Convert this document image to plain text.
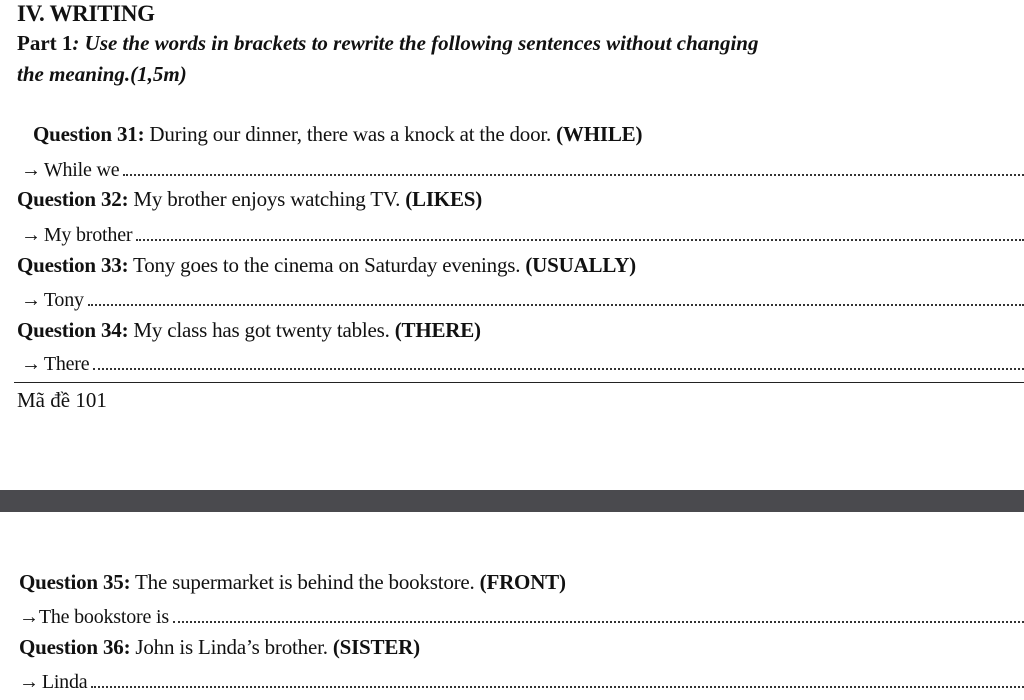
IV. WRITING
Part 1: Use the words in brackets to rewrite the following sentences without changing
the meaning.(1,5m)
Question 31: During our dinner, there was a knock at the door. (WHILE)
→ While we
Question 32: My brother enjoys watching TV. (LIKES)
→ My brother
Question 33: Tony goes to the cinema on Saturday evenings. (USUALLY)
→ Tony
Question 34: My class has got twenty tables. (THERE)
→ There
Mã đề 101
Question 35: The supermarket is behind the bookstore. (FRONT)
→ The bookstore is
Question 36: John is Linda’s brother. (SISTER)
→ Linda
